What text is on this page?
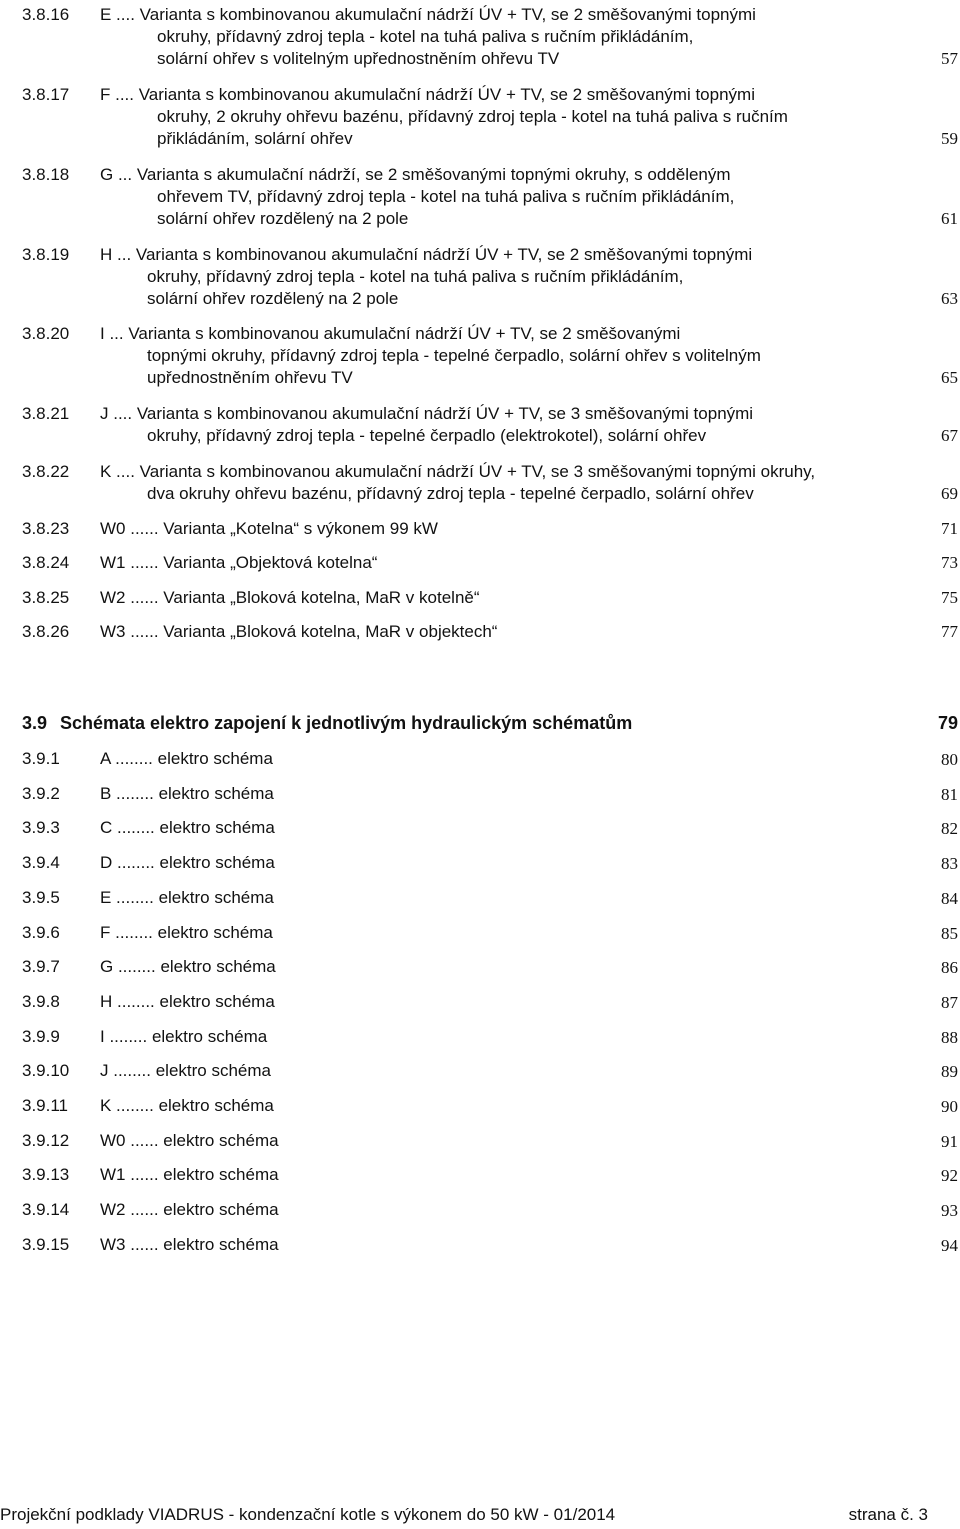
3.8.16 E .... Varianta s kombinovanou akumulační nádrží ÚV + TV, se 2 směšovanými topnými
okruhy, přídavný zdroj tepla - kotel na tuhá paliva s ručním přikládáním,
solární ohřev s volitelným upřednostněním ohřevu TV	57
3.8.17 F .... Varianta s kombinovanou akumulační nádrží ÚV + TV, se 2 směšovanými topnými
okruhy, 2 okruhy ohřevu bazénu, přídavný zdroj tepla - kotel na tuhá paliva s ručním
přikládáním, solární ohřev	59
3.8.18 G ... Varianta s akumulační nádrží, se 2 směšovanými topnými okruhy, s odděleným
ohřevem TV, přídavný zdroj tepla - kotel na tuhá paliva s ručním přikládáním,
solární ohřev rozdělený na 2 pole	61
3.8.19 H ... Varianta s kombinovanou akumulační nádrží ÚV + TV, se 2 směšovanými topnými
okruhy, přídavný zdroj tepla - kotel na tuhá paliva s ručním přikládáním,
solární ohřev rozdělený na 2 pole	63
3.8.20 I ... Varianta s kombinovanou akumulační nádrží ÚV + TV, se 2 směšovanými
topnými okruhy, přídavný zdroj tepla - tepelné čerpadlo, solární ohřev s volitelným
upřednostněním ohřevu TV	65
3.8.21 J .... Varianta s kombinovanou akumulační nádrží ÚV + TV, se 3 směšovanými topnými
okruhy, přídavný zdroj tepla - tepelné čerpadlo (elektrokotel), solární ohřev	67
3.8.22 K .... Varianta s kombinovanou akumulační nádrží ÚV + TV, se 3 směšovanými topnými okruhy,
dva okruhy ohřevu bazénu, přídavný zdroj tepla - tepelné čerpadlo, solární ohřev	69
3.8.23 W0 ...... Varianta „Kotelna“ s výkonem 99 kW	71
3.8.24 W1 ...... Varianta „Objektová kotelna“	73
3.8.25 W2 ...... Varianta „Bloková kotelna, MaR v kotelně“	75
3.8.26 W3 ...... Varianta „Bloková kotelna, MaR v objektech“	77
3.9 Schémata elektro zapojení k jednotlivým hydraulickým schématům	79
3.9.1 A ........ elektro schéma	80
3.9.2 B ........ elektro schéma	81
3.9.3 C ........ elektro schéma	82
3.9.4 D ........ elektro schéma	83
3.9.5 E ........ elektro schéma	84
3.9.6 F ........ elektro schéma	85
3.9.7 G ........ elektro schéma	86
3.9.8 H ........ elektro schéma	87
3.9.9 I ........ elektro schéma	88
3.9.10 J ........ elektro schéma	89
3.9.11 K ........ elektro schéma	90
3.9.12 W0 ...... elektro schéma	91
3.9.13 W1 ...... elektro schéma	92
3.9.14 W2 ...... elektro schéma	93
3.9.15 W3 ...... elektro schéma	94
Projekční podklady VIADRUS - kondenzační kotle s výkonem do 50 kW - 01/2014	strana č. 3
